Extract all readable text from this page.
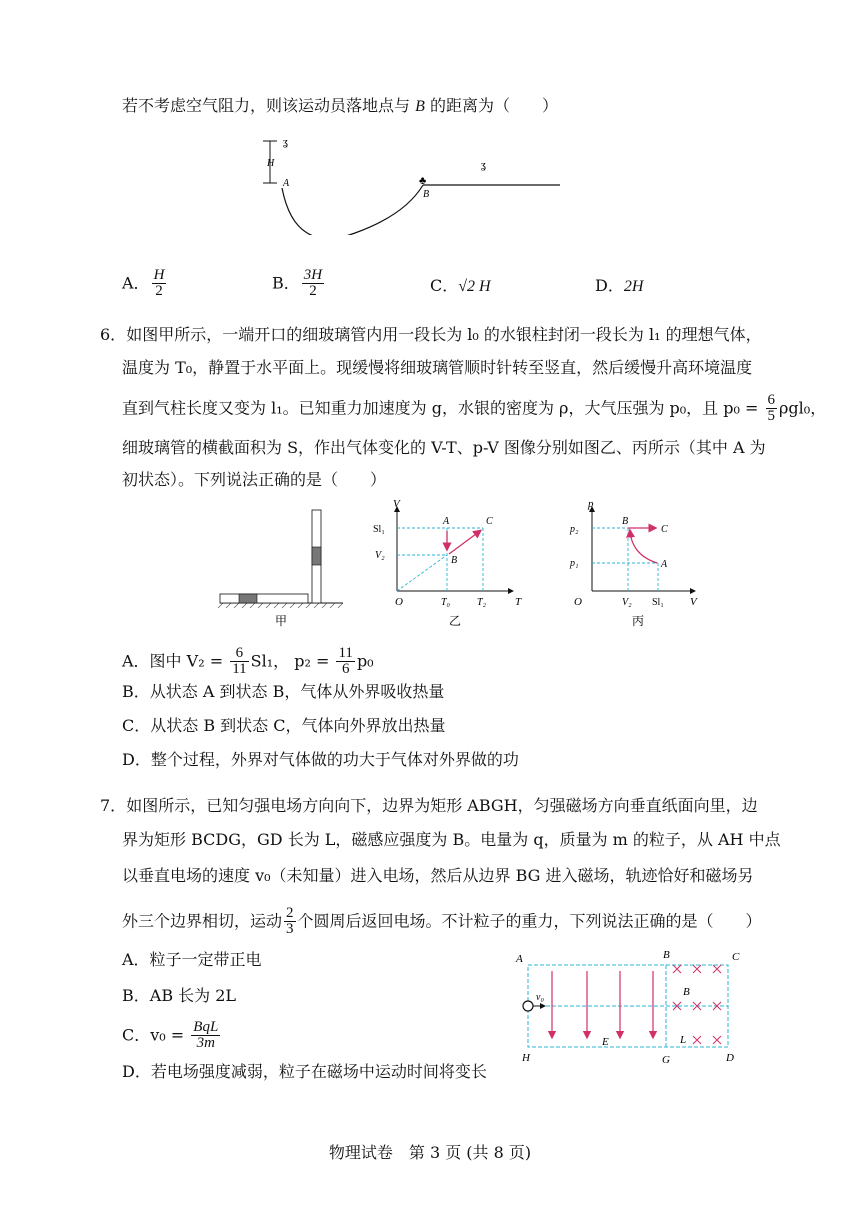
若不考虑空气阻力，则该运动员落地点与 B 的距离为（　　）
H
ʓ
A	♣
B
ʓ
A． $\frac{H}{2}$	B． $\frac{3H}{2}$	C．√2 H	D．2H
6．如图甲所示，一端开口的细玻璃管内用一段长为 l₀ 的水银柱封闭一段长为 l₁ 的理想气体，
温度为 T₀，静置于水平面上。现缓慢将细玻璃管顺时针转至竖直，然后缓慢升高环境温度
直到气柱长度又变为 l₁。已知重力加速度为 g，水银的密度为 ρ，大气压强为 p₀，且 $p_0 = \frac{6}{5} \rho gl_0$，
细玻璃管的横截面积为 S，作出气体变化的 V-T、p-V 图像分别如图乙、丙所示（其中 A 为
初状态）。下列说法正确的是（　　）
甲
V
T
O
Sl₁
V₂
T₀	T₂
A
B
C
乙
p
V
O
p₂
p₁
V₂ Sl₁
B
C
A
丙
A．图中 $V_2 = \frac{6}{11} Sl_1$， $p_2 = \frac{11}{6} p_0$
B．从状态 A 到状态 B，气体从外界吸收热量
C．从状态 B 到状态 C，气体向外界放出热量
D．整个过程，外界对气体做的功大于气体对外界做的功
7．如图所示，已知匀强电场方向向下，边界为矩形 ABGH，匀强磁场方向垂直纸面向里，边
界为矩形 BCDG，GD 长为 L，磁感应强度为 B。电量为 q，质量为 m 的粒子，从 AH 中点
以垂直电场的速度 v₀（未知量）进入电场，然后从边界 BG 进入磁场，轨迹恰好和磁场另
外三个边界相切，运动 $\frac{2}{3}$ 个圆周后返回电场。不计粒子的重力，下列说法正确的是（　　）
A．粒子一定带正电
B．AB 长为 2L
C．$v_0 = \frac{\text{BqL}}{3m}$
D．若电场强度减弱，粒子在磁场中运动时间将变长
v₀
A	B	C
D
G
H
E
B
L
物理试卷　第 3 页 (共 8 页)
